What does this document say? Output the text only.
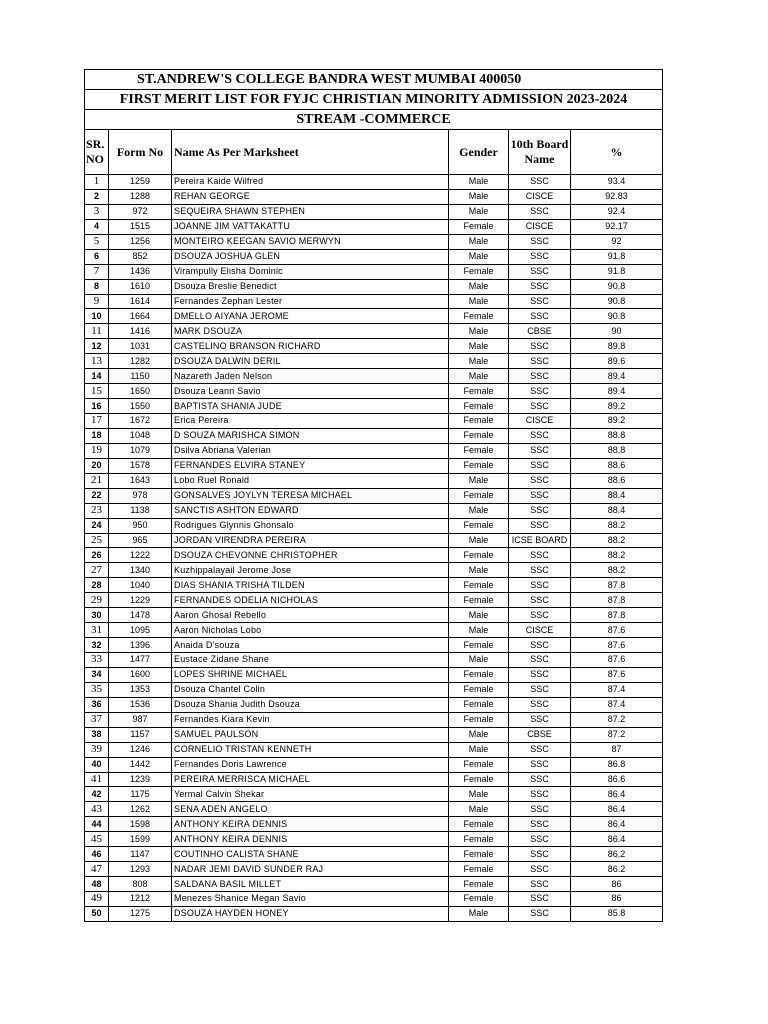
ST.ANDREW'S COLLEGE BANDRA WEST MUMBAI 400050					
FIRST MERIT LIST FOR FYJC CHRISTIAN MINORITY ADMISSION 2023-2024					
STREAM -COMMERCE					
SR. NO	Form No	Name As Per Marksheet	Gender	10th Board Name	%
1	1259	Pereira Kaide Wilfred	Male	SSC	93.4
2	1288	REHAN GEORGE	Male	CISCE	92.83
3	972	SEQUEIRA SHAWN STEPHEN	Male	SSC	92.4
4	1515	JOANNE JIM VATTAKATTU	Female	CISCE	92.17
5	1256	MONTEIRO KEEGAN SAVIO MERWYN	Male	SSC	92
6	852	DSOUZA JOSHUA GLEN	Male	SSC	91.8
7	1436	Virampully Elisha Dominic	Female	SSC	91.8
8	1610	Dsouza Breslie Benedict	Male	SSC	90.8
9	1614	Fernandes Zephan Lester	Male	SSC	90.8
10	1664	DMELLO AIYANA JEROME	Female	SSC	90.8
11	1416	MARK DSOUZA	Male	CBSE	90
12	1031	CASTELINO BRANSON RICHARD	Male	SSC	89.8
13	1282	DSOUZA DALWIN DERIL	Male	SSC	89.6
14	1150	Nazareth Jaden Nelson	Male	SSC	89.4
15	1650	Dsouza Leann Savio	Female	SSC	89.4
16	1550	BAPTISTA SHANIA JUDE	Female	SSC	89.2
17	1672	Erica Pereira	Female	CISCE	89.2
18	1048	D SOUZA MARISHCA SIMON	Female	SSC	88.8
19	1079	Dsilva Abriana Valerian	Female	SSC	88.8
20	1578	FERNANDES ELVIRA STANEY	Female	SSC	88.6
21	1643	Lobo Ruel Ronald	Male	SSC	88.6
22	978	GONSALVES JOYLYN TERESA MICHAEL	Female	SSC	88.4
23	1138	SANCTIS ASHTON EDWARD	Male	SSC	88.4
24	950	Rodrigues Glynnis Ghonsalo	Female	SSC	88.2
25	965	JORDAN VIRENDRA PEREIRA	Male	ICSE BOARD	88.2
26	1222	DSOUZA CHEVONNE CHRISTOPHER	Female	SSC	88.2
27	1340	Kuzhippalayail Jerome Jose	Male	SSC	88.2
28	1040	DIAS SHANIA TRISHA TILDEN	Female	SSC	87.8
29	1229	FERNANDES ODELIA NICHOLAS	Female	SSC	87.8
30	1478	Aaron Ghosal Rebello	Male	SSC	87.8
31	1095	Aaron Nicholas Lobo	Male	CISCE	87.6
32	1396	Anaida D'souza	Female	SSC	87.6
33	1477	Eustace Zidane Shane	Male	SSC	87.6
34	1600	LOPES SHRINE MICHAEL	Female	SSC	87.6
35	1353	Dsouza Chantel Colin	Female	SSC	87.4
36	1536	Dsouza Shania Judith Dsouza	Female	SSC	87.4
37	987	Fernandes Kiara Kevin	Female	SSC	87.2
38	1157	SAMUEL PAULSON	Male	CBSE	87.2
39	1246	CORNELIO TRISTAN KENNETH	Male	SSC	87
40	1442	Fernandes Doris Lawrence	Female	SSC	86.8
41	1239	PEREIRA MERRISCA MICHAEL	Female	SSC	86.6
42	1175	Yermal Calvin Shekar	Male	SSC	86.4
43	1262	SENA ADEN ANGELO	Male	SSC	86.4
44	1598	ANTHONY KEIRA DENNIS	Female	SSC	86.4
45	1599	ANTHONY KEIRA DENNIS	Female	SSC	86.4
46	1147	COUTINHO CALISTA SHANE	Female	SSC	86.2
47	1293	NADAR JEMI DAVID SUNDER RAJ	Female	SSC	86.2
48	808	SALDANA BASIL MILLET	Female	SSC	86
49	1212	Menezes Shanice Megan Savio	Female	SSC	86
50	1275	DSOUZA HAYDEN HONEY	Male	SSC	85.8
